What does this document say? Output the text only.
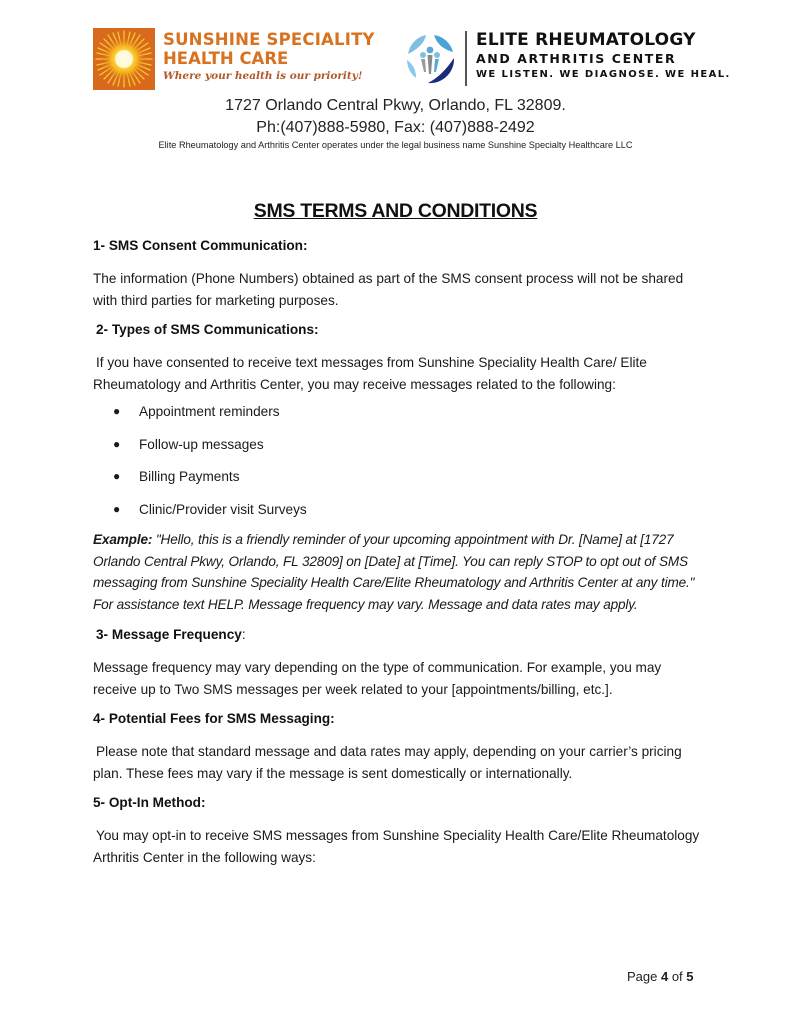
SUNSHINE SPECIALITY
HEALTH CARE
Where your health is our priority!
ELITE RHEUMATOLOGY
AND ARTHRITIS CENTER
WE LISTEN. WE DIAGNOSE. WE HEAL.
1727 Orlando Central Pkwy, Orlando, FL 32809.
Ph:(407)888-5980, Fax: (407)888-2492
Elite Rheumatology and Arthritis Center operates under the legal business name Sunshine Specialty Healthcare LLC
SMS TERMS AND CONDITIONS
1- SMS Consent Communication:
The information (Phone Numbers) obtained as part of the SMS consent process will not be shared with third parties for marketing purposes.
2- Types of SMS Communications:
If you have consented to receive text messages from Sunshine Speciality Health Care/ Elite Rheumatology and Arthritis Center, you may receive messages related to the following:
● Appointment reminders
● Follow-up messages
● Billing Payments
● Clinic/Provider visit Surveys
Example: "Hello, this is a friendly reminder of your upcoming appointment with Dr. [Name] at [1727 Orlando Central Pkwy, Orlando, FL 32809] on [Date] at [Time]. You can reply STOP to opt out of SMS messaging from Sunshine Speciality Health Care/Elite Rheumatology and Arthritis Center at any time." For assistance text HELP. Message frequency may vary. Message and data rates may apply.
3- Message Frequency:
Message frequency may vary depending on the type of communication. For example, you may receive up to Two SMS messages per week related to your [appointments/billing, etc.].
4- Potential Fees for SMS Messaging:
Please note that standard message and data rates may apply, depending on your carrier’s pricing plan. These fees may vary if the message is sent domestically or internationally.
5- Opt-In Method:
You may opt-in to receive SMS messages from Sunshine Speciality Health Care/Elite Rheumatology Arthritis Center in the following ways:
Page 4 of 5
